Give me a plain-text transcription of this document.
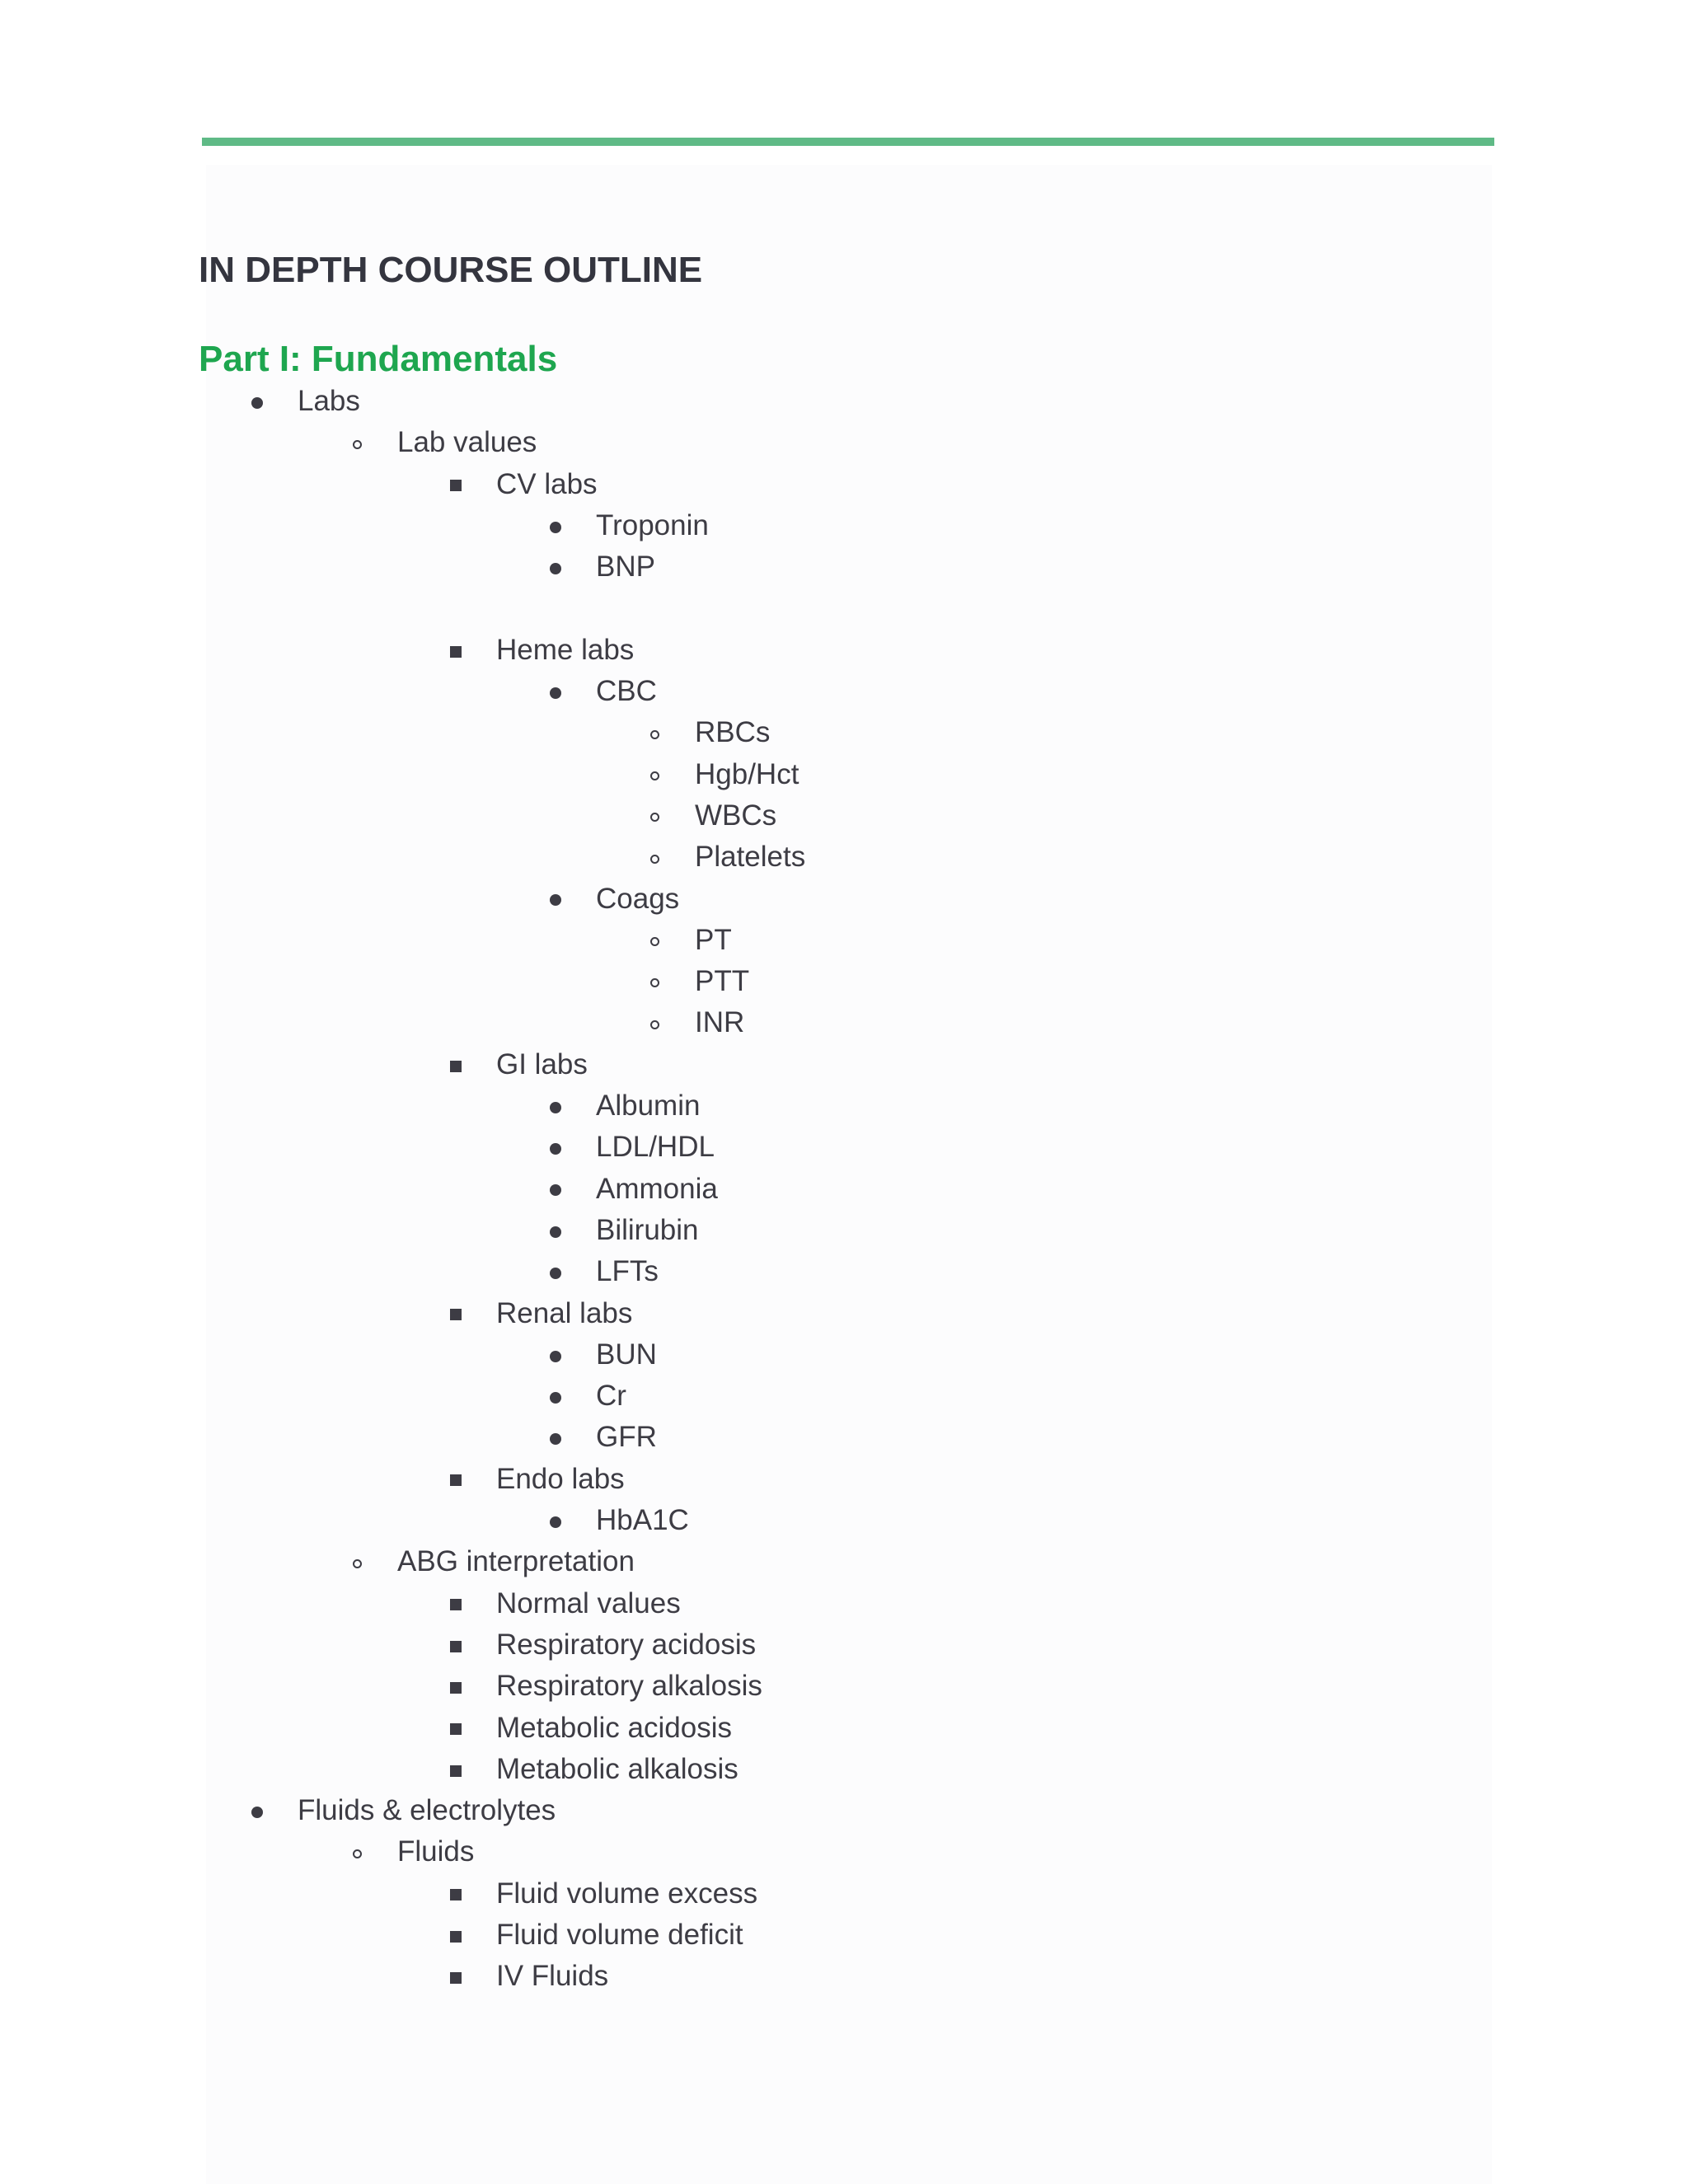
IN DEPTH COURSE OUTLINE
Part I: Fundamentals
Labs
Lab values
CV labs
Troponin
BNP
Heme labs
CBC
RBCs
Hgb/Hct
WBCs
Platelets
Coags
PT
PTT
INR
GI labs
Albumin
LDL/HDL
Ammonia
Bilirubin
LFTs
Renal labs
BUN
Cr
GFR
Endo labs
HbA1C
ABG interpretation
Normal values
Respiratory acidosis
Respiratory alkalosis
Metabolic acidosis
Metabolic alkalosis
Fluids & electrolytes
Fluids
Fluid volume excess
Fluid volume deficit
IV Fluids
